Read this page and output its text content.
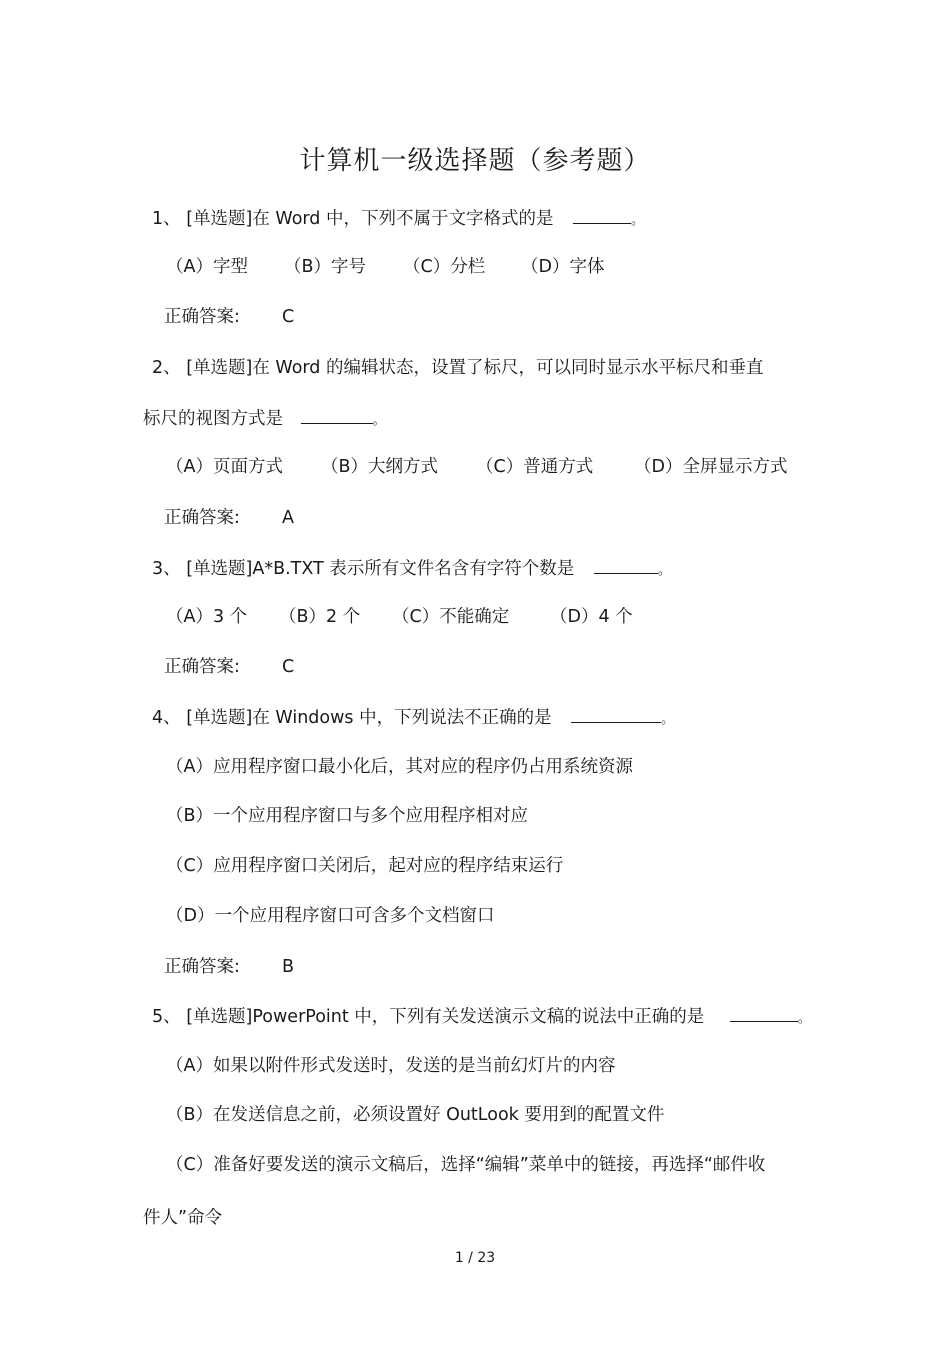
计算机一级选择题（参考题）
1、 [单选题]在 Word 中，下列不属于文字格式的是	。
（A）字型 （B）字号 （C）分栏 （D）字体
正确答案: C
2、 [单选题]在 Word 的编辑状态，设置了标尺，可以同时显示水平标尺和垂直
标尺的视图方式是	。
（A）页面方式 （B）大纲方式 （C）普通方式 （D）全屏显示方式
正确答案: A
3、 [单选题]A*B.TXT 表示所有文件名含有字符个数是	。
（A）3 个 （B）2 个 （C）不能确定 （D）4 个
正确答案: C
4、 [单选题]在 Windows 中，下列说法不正确的是	。
（A）应用程序窗口最小化后，其对应的程序仍占用系统资源
（B）一个应用程序窗口与多个应用程序相对应
（C）应用程序窗口关闭后，起对应的程序结束运行
（D）一个应用程序窗口可含多个文档窗口
正确答案: B
5、 [单选题]PowerPoint 中，下列有关发送演示文稿的说法中正确的是	。
（A）如果以附件形式发送时，发送的是当前幻灯片的内容
（B）在发送信息之前，必须设置好 OutLook 要用到的配置文件
（C）准备好要发送的演示文稿后，选择“编辑”菜单中的链接，再选择“邮件收
件人”命令
1 / 23
